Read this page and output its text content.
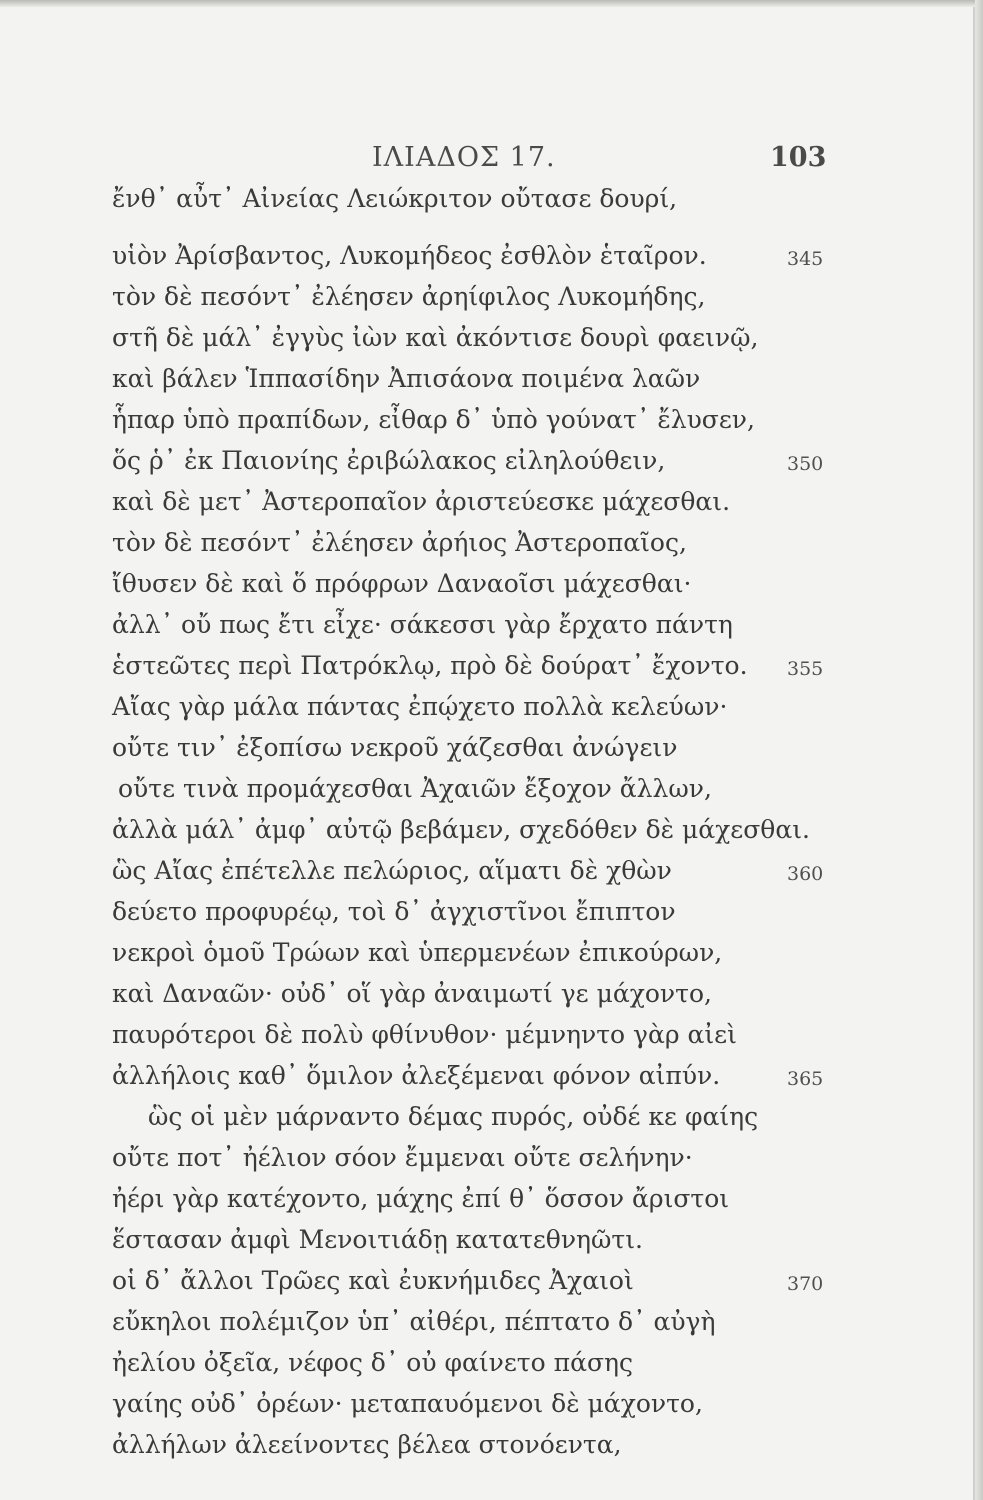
ΙΛΙΑΔΟΣ 17.	103
ἔνθ᾽ αὖτ᾽ Αἰνείας Λειώκριτον οὔτασε δουρί,
υἱὸν Ἀρίσβαντος, Λυκομήδεος ἐσθλὸν ἑταῖρον.	345
τὸν δὲ πεσόντ᾽ ἐλέησεν ἀρηίφιλος Λυκομήδης,
στῆ δὲ μάλ᾽ ἐγγὺς ἰὼν καὶ ἀκόντισε δουρὶ φαεινῷ,
καὶ βάλεν Ἱππασίδην Ἀπισάονα ποιμένα λαῶν
ἧπαρ ὑπὸ πραπίδων, εἶθαρ δ᾽ ὑπὸ γούνατ᾽ ἔλυσεν,
ὅς ῥ᾽ ἐκ Παιονίης ἐριβώλακος εἰληλούθειν,	350
καὶ δὲ μετ᾽ Ἀστεροπαῖον ἀριστεύεσκε μάχεσθαι.
τὸν δὲ πεσόντ᾽ ἐλέησεν ἀρήιος Ἀστεροπαῖος,
ἴθυσεν δὲ καὶ ὅ πρόφρων Δαναοῖσι μάχεσθαι·
ἀλλ᾽ οὔ πως ἔτι εἶχε· σάκεσσι γὰρ ἔρχατο πάντη
ἑστεῶτες περὶ Πατρόκλῳ, πρὸ δὲ δούρατ᾽ ἔχοντο. 355
Αἴας γὰρ μάλα πάντας ἐπῴχετο πολλὰ κελεύων·
οὔτε τιν᾽ ἐξοπίσω νεκροῦ χάζεσθαι ἀνώγειν
οὔτε τινὰ προμάχεσθαι Ἀχαιῶν ἔξοχον ἄλλων,
ἀλλὰ μάλ᾽ ἀμφ᾽ αὐτῷ βεβάμεν, σχεδόθεν δὲ μάχεσθαι.
ὣς Αἴας ἐπέτελλε πελώριος, αἵματι δὲ χθὼν	360
δεύετο προφυρέῳ, τοὶ δ᾽ ἀγχιστῖνοι ἔπιπτον
νεκροὶ ὁμοῦ Τρώων καὶ ὑπερμενέων ἐπικούρων,
καὶ Δαναῶν· οὐδ᾽ οἵ γὰρ ἀναιμωτί γε μάχοντο,
παυρότεροι δὲ πολὺ φθίνυθον· μέμνηντο γὰρ αἰεὶ
ἀλλήλοις καθ᾽ ὅμιλον ἀλεξέμεναι φόνον αἰπύν.	365
ὣς οἱ μὲν μάρναντο δέμας πυρός, οὐδέ κε φαίης
οὔτε ποτ᾽ ἠέλιον σόον ἔμμεναι οὔτε σελήνην·
ἠέρι γὰρ κατέχοντο, μάχης ἐπί θ᾽ ὅσσον ἄριστοι
ἕστασαν ἀμφὶ Μενοιτιάδῃ κατατεθνηῶτι.
οἱ δ᾽ ἄλλοι Τρῶες καὶ ἐυκνήμιδες Ἀχαιοὶ	370
εὔκηλοι πολέμιζον ὑπ᾽ αἰθέρι, πέπτατο δ᾽ αὐγὴ
ἠελίου ὀξεῖα, νέφος δ᾽ οὐ φαίνετο πάσης
γαίης οὐδ᾽ ὀρέων· μεταπαυόμενοι δὲ μάχοντο,
ἀλλήλων ἀλεείνοντες βέλεα στονόεντα,
